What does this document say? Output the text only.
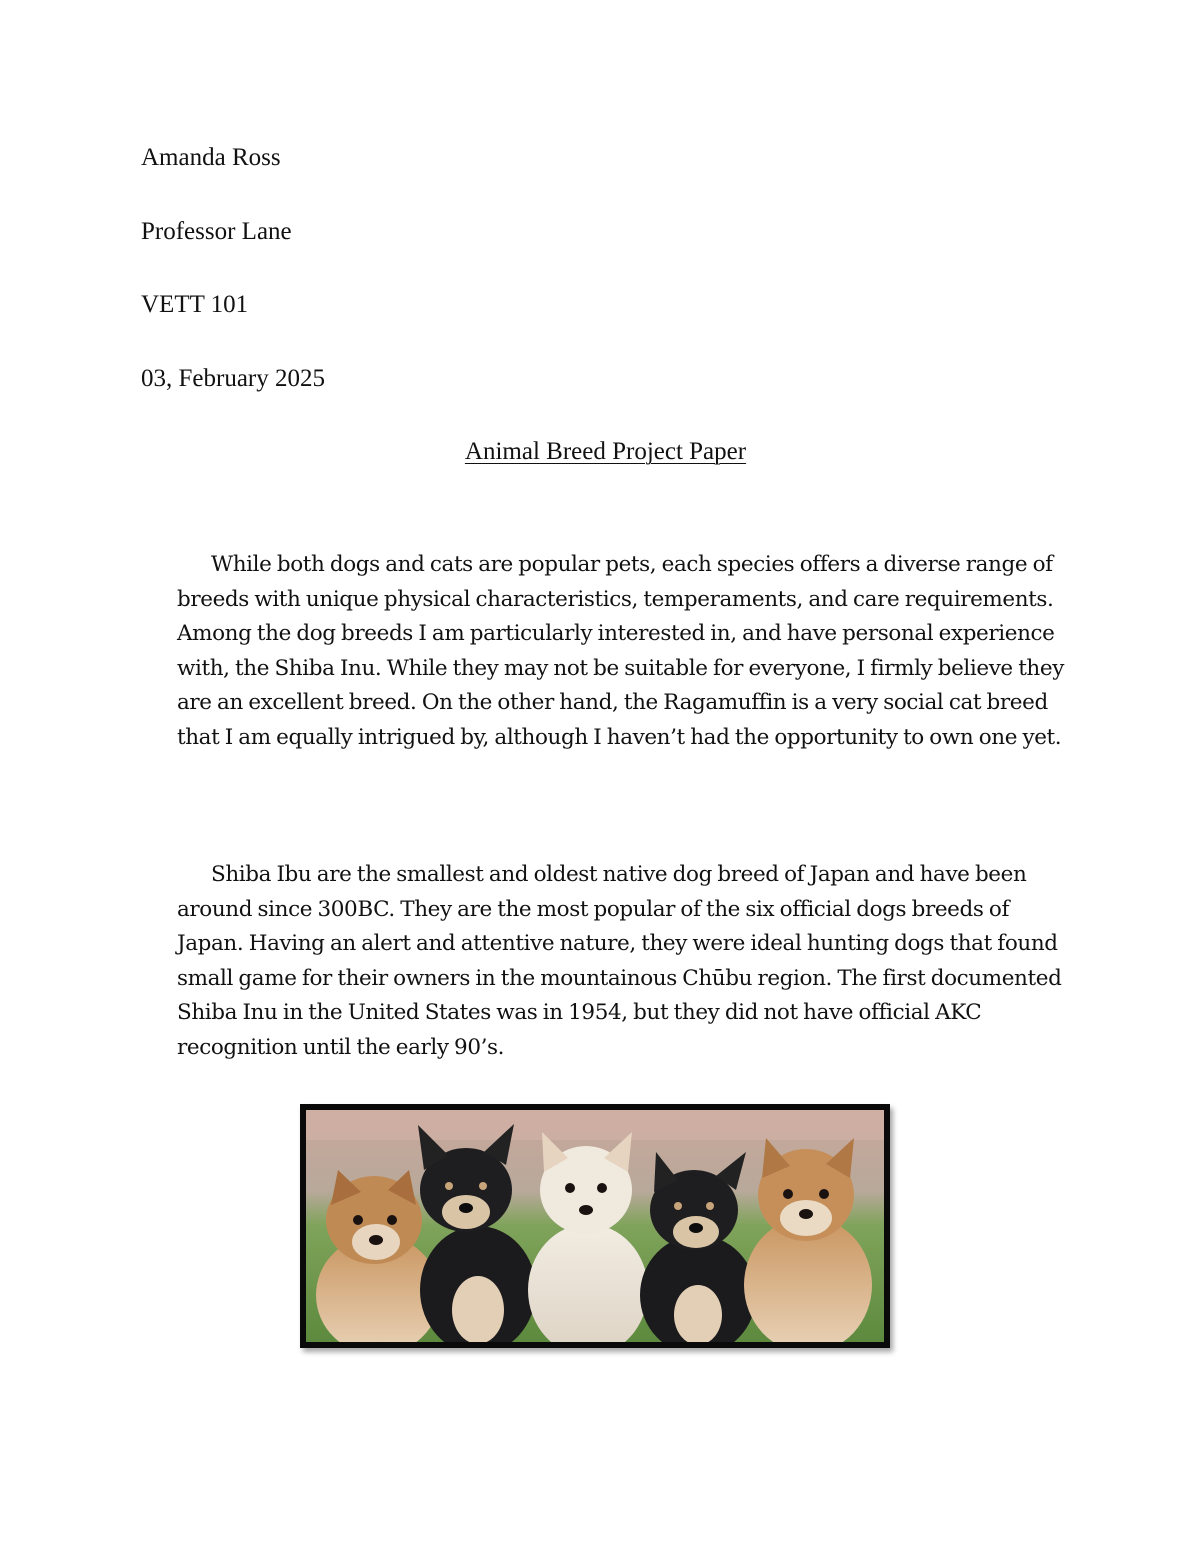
Amanda Ross
Professor Lane
VETT 101
03, February 2025
Animal Breed Project Paper

While both dogs and cats are popular pets, each species offers a diverse range of breeds with unique physical characteristics, temperaments, and care requirements. Among the dog breeds I am particularly interested in, and have personal experience with, the Shiba Inu. While they may not be suitable for everyone, I firmly believe they are an excellent breed. On the other hand, the Ragamuffin is a very social cat breed that I am equally intrigued by, although I haven’t had the opportunity to own one yet.

Shiba Ibu are the smallest and oldest native dog breed of Japan and have been around since 300BC. They are the most popular of the six official dogs breeds of Japan. Having an alert and attentive nature, they were ideal hunting dogs that found small game for their owners in the mountainous Chūbu region. The first documented Shiba Inu in the United States was in 1954, but they did not have official AKC recognition until the early 90’s.
